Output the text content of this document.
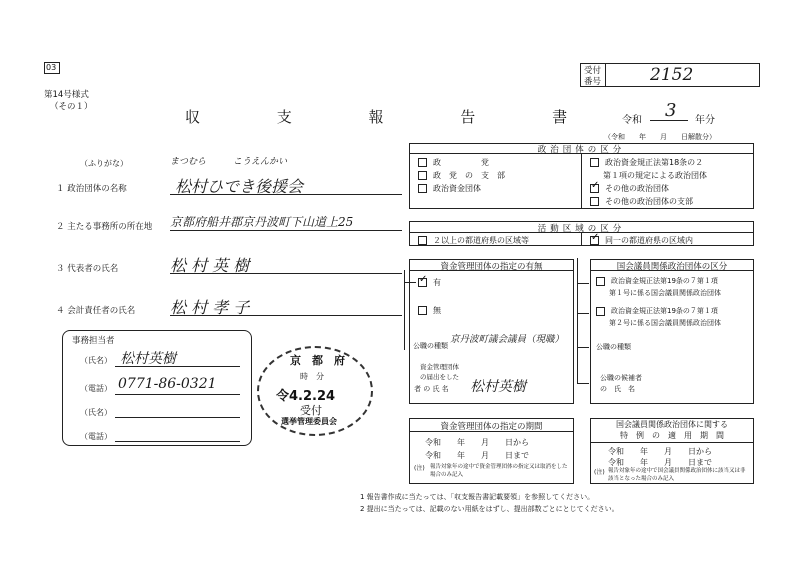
03
第14号様式
（その１）
収 支 報 告 書
受付
番号	2152
令和 3 年分
（令和　　年　　月　　日解散分）
政治団体の区分
政　　　　　党
政　党　の　支　部
政治資金団体
政治資金規正法第18条の２
第１項の規定による政治団体
✓ その他の政治団体
その他の政治団体の支部
活動区域の区分
２以上の都道府県の区域等	✓ 同一の都道府県の区域内
（ふりがな）	まつむら　　　こうえんかい
１ 政治団体の名称	松村ひでき後援会
２ 主たる事務所の所在地 京都府船井郡京丹波町下山道上25
３ 代表者の氏名	松 村 英 樹
４ 会計責任者の氏名 松 村 孝 子
事務担当者
（氏名） 松村英樹
（電話） 0771-86-0321
（氏名）
（電話）
京　都　府
時　分
令4.2.24
受付
選挙管理委員会
資金管理団体の指定の有無
✓ 有
無
公職の種類
京丹波町議会議員（現職）
資金管理団体
の届出をした
者 の 氏 名 松村英樹
国会議員関係政治団体の区分
政治資金規正法第19条の７第１項
第１号に係る国会議員関係政治団体
政治資金規正法第19条の７第１項
第２号に係る国会議員関係政治団体
公職の種類
公職の候補者
の　氏　名
資金管理団体の指定の期間
令和　　年　　月　　日から
令和　　年　　月　　日まで
(注) 報告対象年の途中で資金管理団体の指定又は取消をした場合のみ記入
国会議員関係政治団体に関する
特　例　の　適　用　期　間
令和　　年　　月　　日から
令和　　年　　月　　日まで
(注) 報告対象年の途中で国会議員関係政治団体に該当又は非該当となった場合のみ記入
1 報告書作成に当たっては、「収支報告書記載要領」を参照してください。
2 提出に当たっては、記載のない用紙をはずし、提出部数ごとにとじてください。
